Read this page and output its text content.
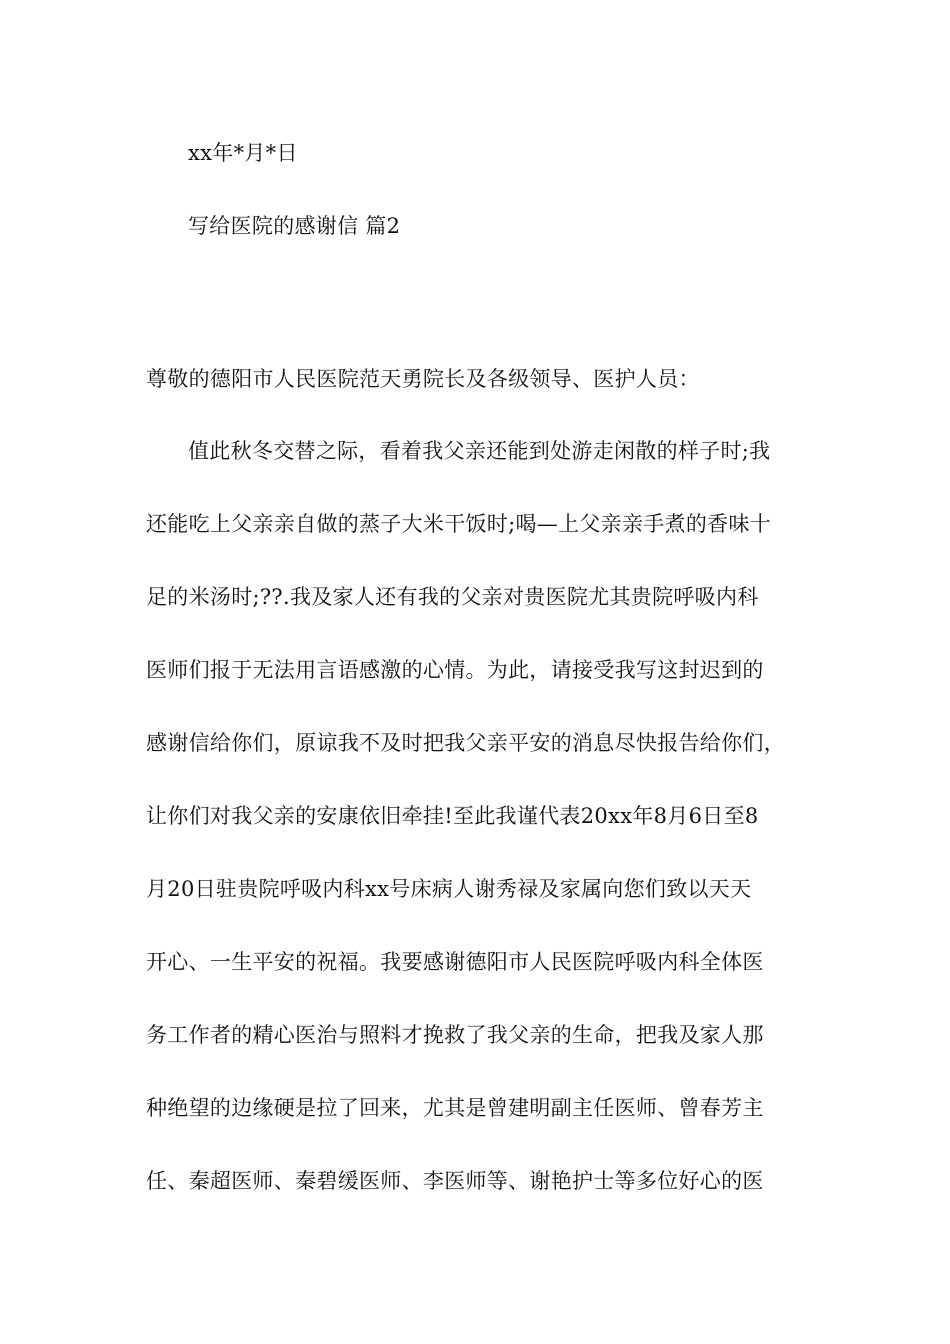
xx年*月*日
写给医院的感谢信 篇2
尊敬的德阳市人民医院范天勇院长及各级领导、医护人员：
值此秋冬交替之际，看着我父亲还能到处游走闲散的样子时;我
还能吃上父亲亲自做的蒸子大米干饭时;喝—上父亲亲手煮的香味十
足的米汤时;??.我及家人还有我的父亲对贵医院尤其贵院呼吸内科
医师们报于无法用言语感激的心情。为此，请接受我写这封迟到的
感谢信给你们，原谅我不及时把我父亲平安的消息尽快报告给你们，
让你们对我父亲的安康依旧牵挂!至此我谨代表20xx年8月6日至8
月20日驻贵院呼吸内科xx号床病人谢秀禄及家属向您们致以天天
开心、一生平安的祝福。我要感谢德阳市人民医院呼吸内科全体医
务工作者的精心医治与照料才挽救了我父亲的生命，把我及家人那
种绝望的边缘硬是拉了回来，尤其是曾建明副主任医师、曾春芳主
任、秦超医师、秦碧缓医师、李医师等、谢艳护士等多位好心的医
